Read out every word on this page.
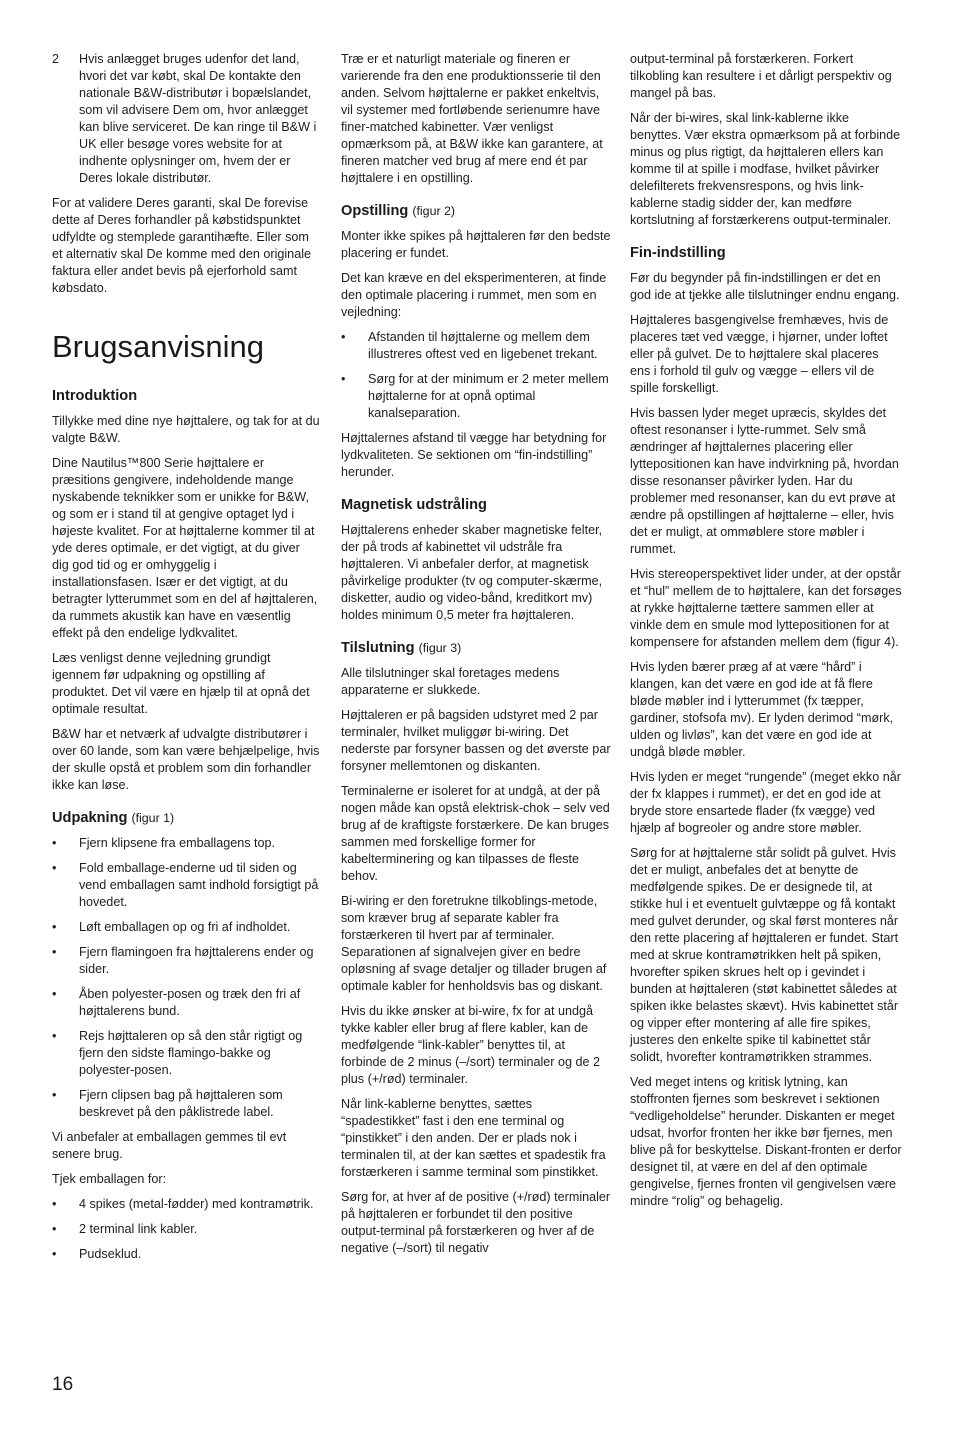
2 Hvis anlægget bruges udenfor det land, hvori det var købt, skal De kontakte den nationale B&W-distributør i bopælslandet, som vil advisere Dem om, hvor anlægget kan blive serviceret. De kan ringe til B&W i UK eller besøge vores website for at indhente oplysninger om, hvem der er Deres lokale distributør.

For at validere Deres garanti, skal De forevise dette af Deres forhandler på købstidspunktet udfyldte og stemplede garantihæfte. Eller som et alternativ skal De komme med den originale faktura eller andet bevis på ejerforhold samt købsdato.

Brugsanvisning
Introduktion

Tillykke med dine nye højttalere, og tak for at du valgte B&W.

Dine Nautilus™800 Serie højttalere er præsitions gengivere, indeholdende mange nyskabende teknikker som er unikke for B&W, og som er i stand til at gengive optaget lyd i højeste kvalitet. For at højttalerne kommer til at yde deres optimale, er det vigtigt, at du giver dig god tid og er omhyggelig i installationsfasen. Især er det vigtigt, at du betragter lytterummet som en del af højttaleren, da rummets akustik kan have en væsentlig effekt på den endelige lydkvalitet.

Læs venligst denne vejledning grundigt igennem før udpakning og opstilling af produktet. Det vil være en hjælp til at opnå det optimale resultat.

B&W har et netværk af udvalgte distributører i over 60 lande, som kan være behjælpelige, hvis der skulle opstå et problem som din forhandler ikke kan løse.

Udpakning (figur 1)
• Fjern klipsene fra emballagens top.
• Fold emballage-enderne ud til siden og vend emballagen samt indhold forsigtigt på hovedet.
• Løft emballagen op og fri af indholdet.
• Fjern flamingoen fra højttalerens ender og sider.
• Åben polyester-posen og træk den fri af højttalerens bund.
• Rejs højttaleren op så den står rigtigt og fjern den sidste flamingo-bakke og polyester-posen.
• Fjern clipsen bag på højttaleren som beskrevet på den påklistrede label.

Vi anbefaler at emballagen gemmes til evt senere brug.

Tjek emballagen for:

• 4 spikes (metal-fødder) med kontramøtrik.
• 2 terminal link kabler.
• Pudseklud.

Træ er et naturligt materiale og fineren er varierende fra den ene produktionsserie til den anden. Selvom højttalerne er pakket enkeltvis, vil systemer med fortløbende serienumre have finer-matched kabinetter. Vær venligst opmærksom på, at B&W ikke kan garantere, at fineren matcher ved brug af mere end ét par højttalere i en opstilling.

Opstilling (figur 2)

Monter ikke spikes på højttaleren før den bedste placering er fundet.

Det kan kræve en del eksperimenteren, at finde den optimale placering i rummet, men som en vejledning:

• Afstanden til højttalerne og mellem dem illustreres oftest ved en ligebenet trekant.
• Sørg for at der minimum er 2 meter mellem højttalerne for at opnå optimal kanalseparation.

Højttalernes afstand til vægge har betydning for lydkvaliteten. Se sektionen om “fin-indstilling” herunder.

Magnetisk udstråling

Højttalerens enheder skaber magnetiske felter, der på trods af kabinettet vil udstråle fra højttaleren. Vi anbefaler derfor, at magnetisk påvirkelige produkter (tv og computer-skærme, disketter, audio og video-bånd, kreditkort mv) holdes minimum 0,5 meter fra højttaleren.

Tilslutning (figur 3)

Alle tilslutninger skal foretages medens apparaterne er slukkede.

Højttaleren er på bagsiden udstyret med 2 par terminaler, hvilket muliggør bi-wiring. Det nederste par forsyner bassen og det øverste par forsyner mellemtonen og diskanten.

Terminalerne er isoleret for at undgå, at der på nogen måde kan opstå elektrisk-chok – selv ved brug af de kraftigste forstærkere. De kan bruges sammen med forskellige former for kabelterminering og kan tilpasses de fleste behov.

Bi-wiring er den foretrukne tilkoblings-metode, som kræver brug af separate kabler fra forstærkeren til hvert par af terminaler. Separationen af signalvejen giver en bedre opløsning af svage detaljer og tillader brugen af optimale kabler for henholdsvis bas og diskant.

Hvis du ikke ønsker at bi-wire, fx for at undgå tykke kabler eller brug af flere kabler, kan de medfølgende “link-kabler” benyttes til, at forbinde de 2 minus (–/sort) terminaler og de 2 plus (+/rød) terminaler.

Når link-kablerne benyttes, sættes “spadestikket” fast i den ene terminal og “pinstikket” i den anden. Der er plads nok i terminalen til, at der kan sættes et spadestik fra forstærkeren i samme terminal som pinstikket.

Sørg for, at hver af de positive (+/rød) terminaler på højttaleren er forbundet til den positive output-terminal på forstærkeren og hver af de negative (–/sort) til negativ

output-terminal på forstærkeren. Forkert tilkobling kan resultere i et dårligt perspektiv og mangel på bas.

Når der bi-wires, skal link-kablerne ikke benyttes. Vær ekstra opmærksom på at forbinde minus og plus rigtigt, da højttaleren ellers kan komme til at spille i modfase, hvilket påvirker delefilterets frekvensrespons, og hvis link-kablerne stadig sidder der, kan medføre kortslutning af forstærkerens output-terminaler.

Fin-indstilling

Før du begynder på fin-indstillingen er det en god ide at tjekke alle tilslutninger endnu engang.

Højttaleres basgengivelse fremhæves, hvis de placeres tæt ved vægge, i hjørner, under loftet eller på gulvet. De to højttalere skal placeres ens i forhold til gulv og vægge – ellers vil de spille forskelligt.

Hvis bassen lyder meget upræcis, skyldes det oftest resonanser i lytte-rummet. Selv små ændringer af højttalernes placering eller lyttepositionen kan have indvirkning på, hvordan disse resonanser påvirker lyden. Har du problemer med resonanser, kan du evt prøve at ændre på opstillingen af højttalerne – eller, hvis det er muligt, at ommøblere store møbler i rummet.

Hvis stereoperspektivet lider under, at der opstår et “hul” mellem de to højttalere, kan det forsøges at rykke højttalerne tættere sammen eller at vinkle dem en smule mod lyttepositionen for at kompensere for afstanden mellem dem (figur 4).

Hvis lyden bærer præg af at være “hård” i klangen, kan det være en god ide at få flere bløde møbler ind i lytterummet (fx tæpper, gardiner, stofsofa mv). Er lyden derimod “mørk, ulden og livløs”, kan det være en god ide at undgå bløde møbler.

Hvis lyden er meget “rungende” (meget ekko når der fx klappes i rummet), er det en god ide at bryde store ensartede flader (fx vægge) ved hjælp af bogreoler og andre store møbler.

Sørg for at højttalerne står solidt på gulvet. Hvis det er muligt, anbefales det at benytte de medfølgende spikes. De er designede til, at stikke hul i et eventuelt gulvtæppe og få kontakt med gulvet derunder, og skal først monteres når den rette placering af højttaleren er fundet. Start med at skrue kontramøtrikken helt på spiken, hvorefter spiken skrues helt op i gevindet i bunden at højttaleren (støt kabinettet således at spiken ikke belastes skævt). Hvis kabinettet står og vipper efter montering af alle fire spikes, justeres den enkelte spike til kabinettet står solidt, hvorefter kontramøtrikken strammes.

Ved meget intens og kritisk lytning, kan stoffronten fjernes som beskrevet i sektionen “vedligeholdelse” herunder. Diskanten er meget udsat, hvorfor fronten her ikke bør fjernes, men blive på for beskyttelse. Diskant-fronten er derfor designet til, at være en del af den optimale gengivelse, fjernes fronten vil gengivelsen være mindre “rolig” og behagelig.

16
